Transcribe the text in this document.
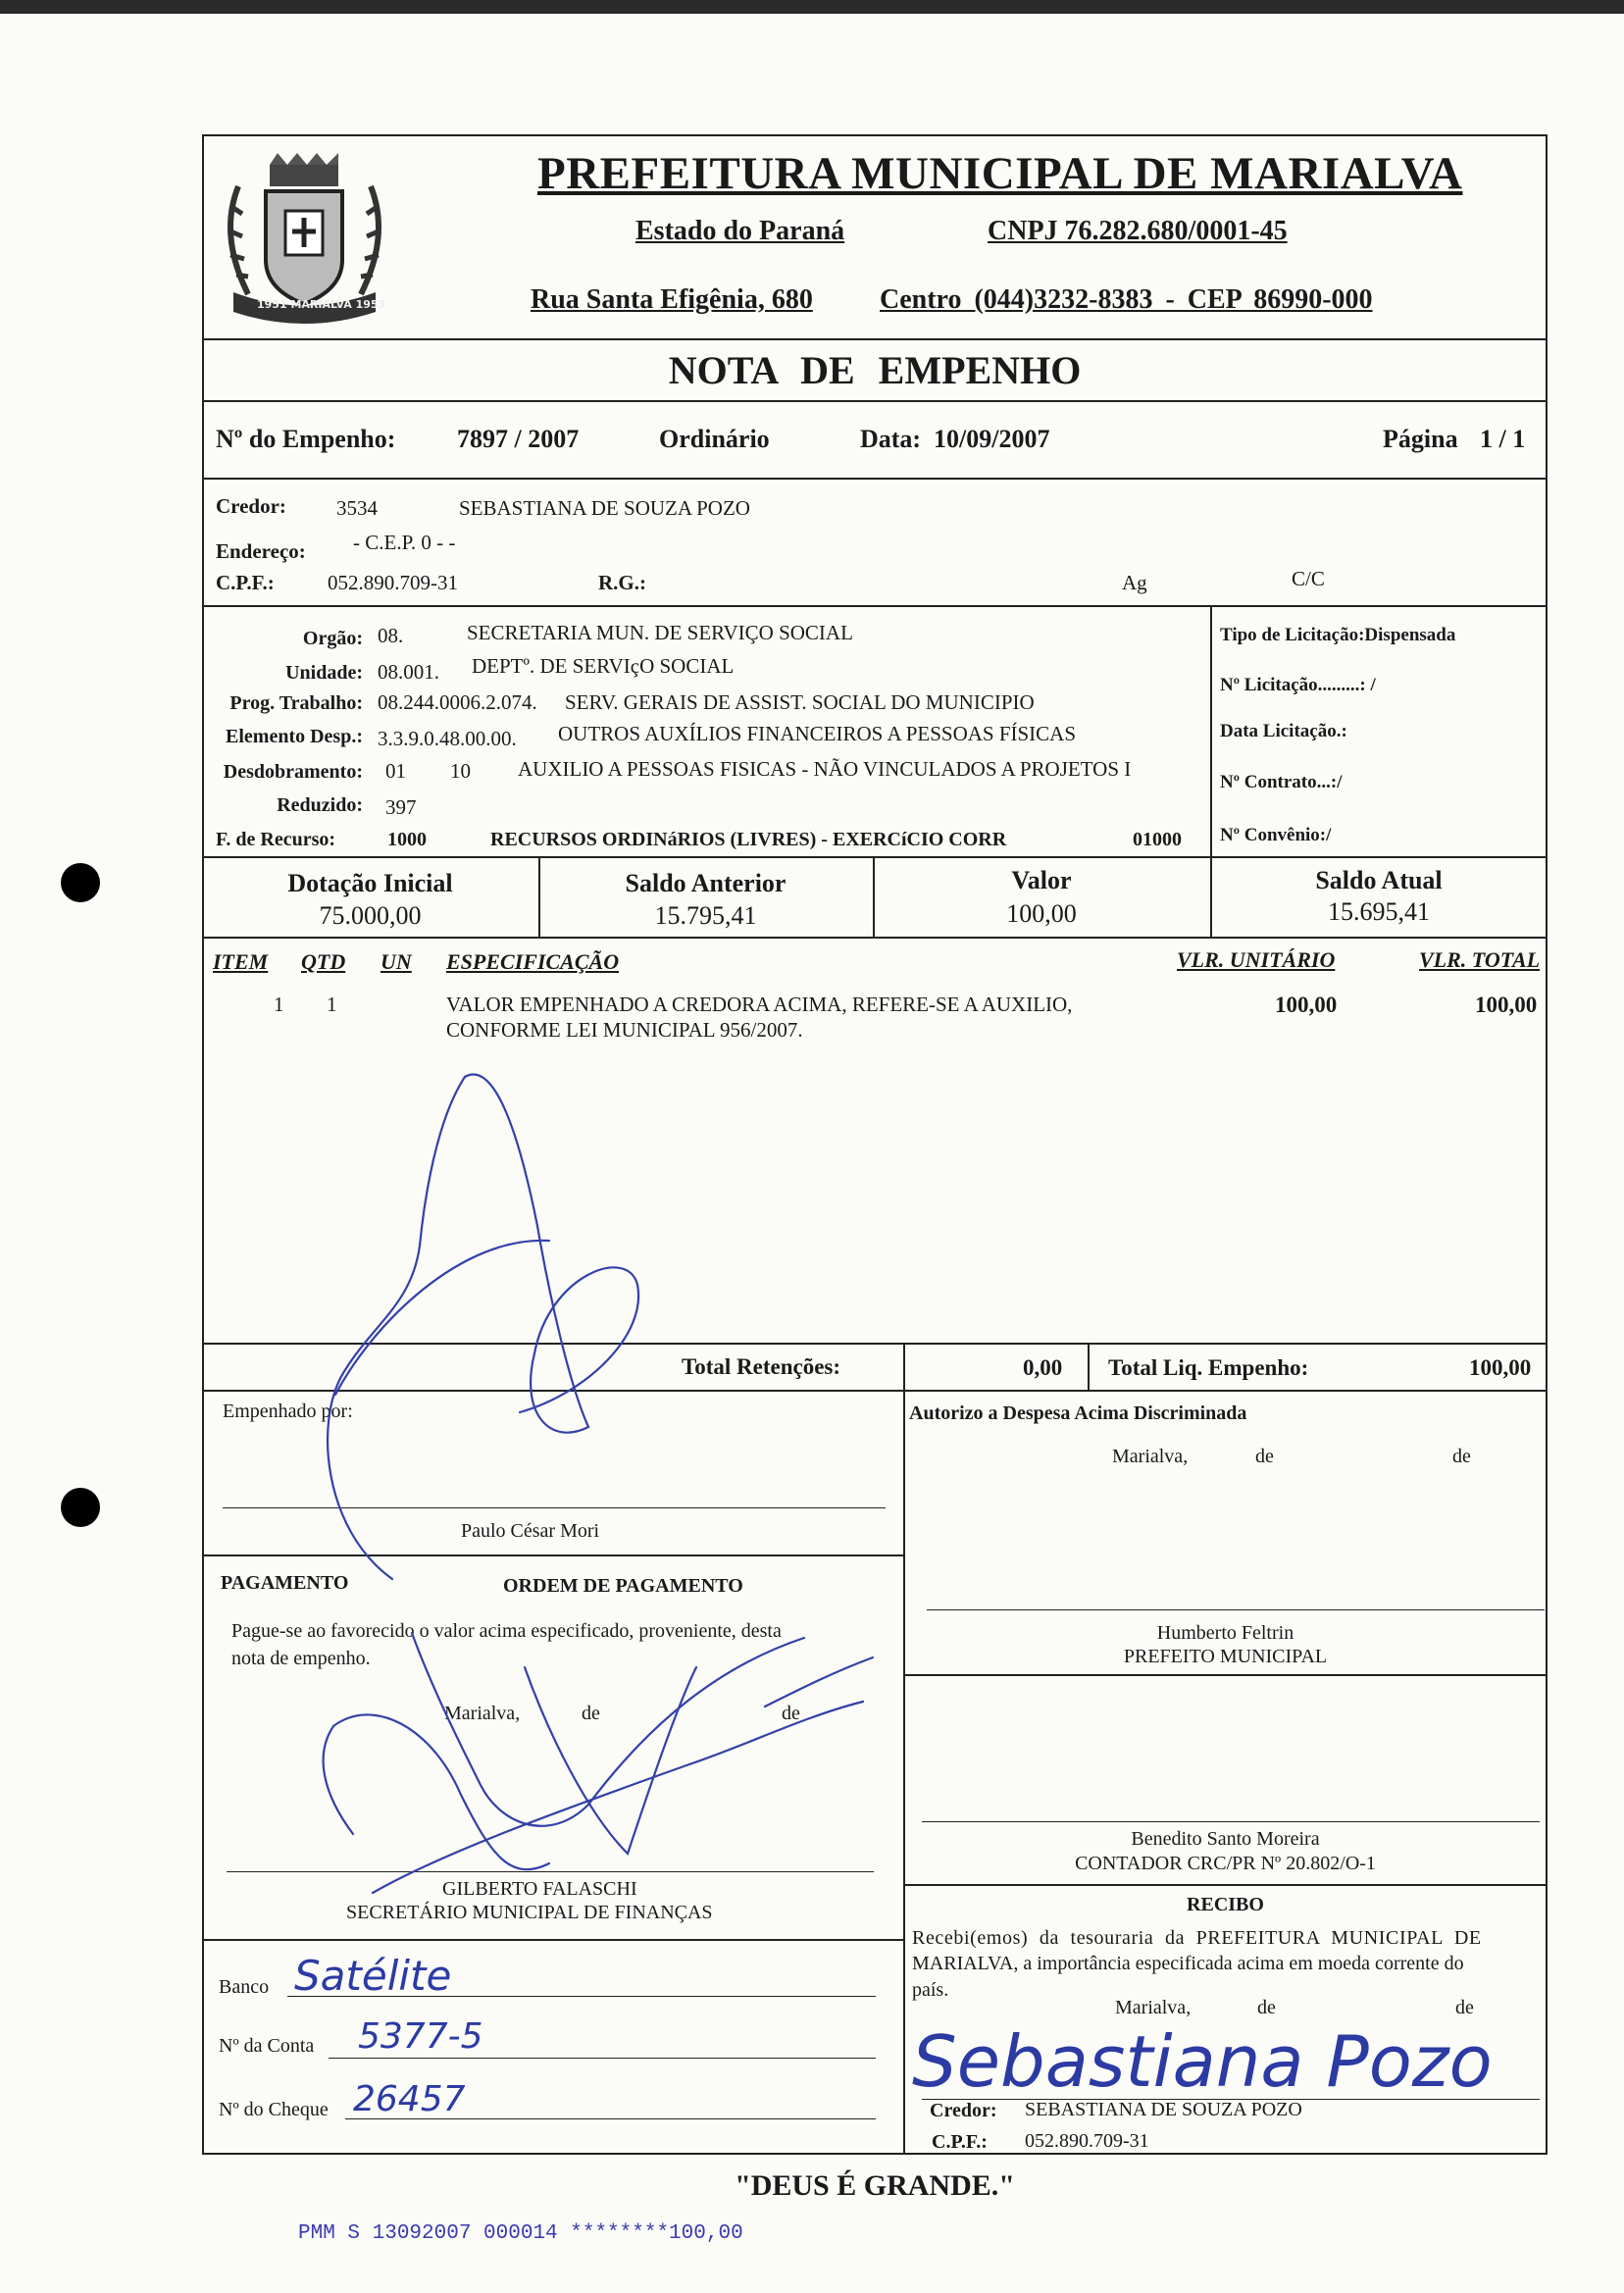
1951 MARIALVA 1953
PREFEITURA MUNICIPAL DE MARIALVA
Estado do Paraná	CNPJ 76.282.680/0001-45
Rua Santa Efigênia, 680 Centro (044)3232-8383 - CEP 86990-000
NOTA DE EMPENHO
Nº do Empenho: 7897 / 2007	Ordinário	Data: 10/09/2007	Página 1 / 1
Credor: 3534	SEBASTIANA DE SOUZA POZO
Endereço: - C.E.P. 0 - -
C.P.F.:	052.890.709-31	R.G.:	Ag	C/C
Orgão: 08.	SECRETARIA MUN. DE SERVIÇO SOCIAL
Unidade: 08.001. DEPTº. DE SERVIçO SOCIAL
Prog. Trabalho: 08.244.0006.2.074. SERV. GERAIS DE ASSIST. SOCIAL DO MUNICIPIO
Elemento Desp.: 3.3.9.0.48.00.00. OUTROS AUXÍLIOS FINANCEIROS A PESSOAS FÍSICAS
Desdobramento: 01 10 AUXILIO A PESSOAS FISICAS - NÃO VINCULADOS A PROJETOS I
Reduzido: 397
F. de Recurso:	1000	RECURSOS ORDINáRIOS (LIVRES) - EXERCíCIO CORR	01000
Tipo de Licitação:Dispensada
Nº Licitação.........: /
Data Licitação.:
Nº Contrato...:/
Nº Convênio:/
Dotação Inicial
75.000,00
Saldo Anterior
15.795,41
Valor
100,00
Saldo Atual
15.695,41
ITEM QTD UN ESPECIFICAÇÃO	VLR. UNITÁRIO	VLR. TOTAL
1 1	VALOR EMPENHADO A CREDORA ACIMA, REFERE-SE A AUXILIO,
CONFORME LEI MUNICIPAL 956/2007.
100,00	100,00
Total Retenções:	0,00 Total Liq. Empenho:	100,00
Empenhado por:
Paulo César Mori
PAGAMENTO	ORDEM DE PAGAMENTO
Pague-se ao favorecido o valor acima especificado, proveniente, desta
nota de empenho.
Marialva,	de	de
GILBERTO FALASCHI
SECRETÁRIO MUNICIPAL DE FINANÇAS
Banco Satélite
Nº da Conta 5377-5
Nº do Cheque 26457
Autorizo a Despesa Acima Discriminada
Marialva,	de	de
Humberto Feltrin
PREFEITO MUNICIPAL
Benedito Santo Moreira
CONTADOR CRC/PR Nº 20.802/O-1
RECIBO
Recebi(emos) da tesouraria da PREFEITURA MUNICIPAL DE
MARIALVA, a importância especificada acima em moeda corrente do
país.
Marialva,	de	de
Credor: SEBASTIANA DE SOUZA POZO
C.P.F.: 052.890.709-31
Sebastiana Pozo
"DEUS É GRANDE."
PMM S 13092007 000014 ********100,00
